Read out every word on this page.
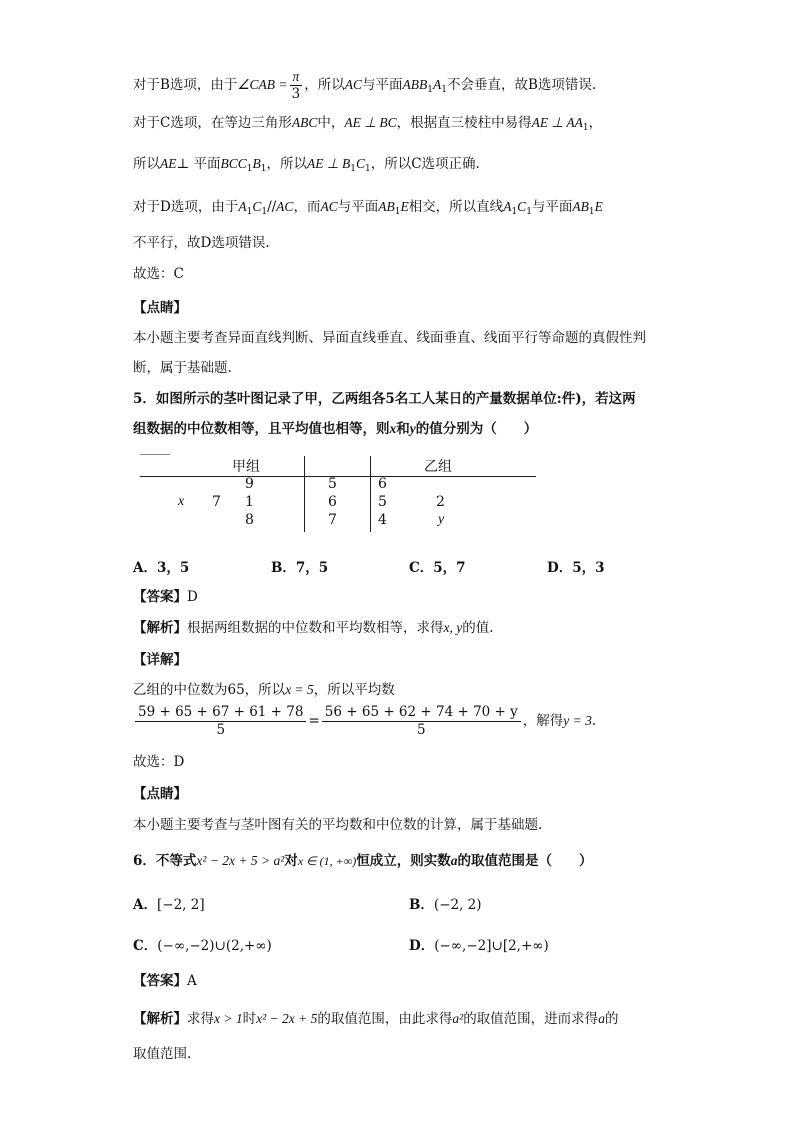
对于B选项，由于∠CAB = $\frac{\pi}{3}$ ，所以AC与平面$ABB_1A_1$不会垂直，故B选项错误.
对于C选项，在等边三角形ABC中，AE ⊥ BC，根据直三棱柱中易得AE ⊥ $AA_1$，
所以AE⊥ 平面$BCC_1B_1$，所以AE ⊥ $B_1C_1$，所以C选项正确.
对于D选项，由于$A_1C_1//AC$，而AC与平面$AB_1E$相交，所以直线$A_1C_1$与平面$AB_1E$
不平行，故D选项错误.
故选：C
【点睛】
本小题主要考查异面直线判断、异面直线垂直、线面垂直、线面平行等命题的真假性判
断，属于基础题.
5．如图所示的茎叶图记录了甲，乙两组各5名工人某日的产量数据单位:件)，若这两
组数据的中位数相等，且平均值也相等，则x和y的值分别为（　　）
甲组	乙组
9	5	6
x 7 1	6	5	2
8	7	4	y
A．3，5	B．7，5	C．5，7	D．5，3
【答案】D
【解析】根据两组数据的中位数和平均数相等，求得x, y的值.
【详解】
乙组的中位数为65，所以x = 5，所以平均数
$\frac{59 + 65 + 67 + 61 + 78}{5} = \frac{56 + 65 + 62 + 74 + 70 + y}{5}$ ，解得y = 3.
故选：D
【点睛】
本小题主要考查与茎叶图有关的平均数和中位数的计算，属于基础题.
6．不等式x² − 2x + 5 > a²对x ∈ (1, +∞)恒成立，则实数a的取值范围是（　　）
A．[−2, 2]	B．(−2, 2)
C．(−∞,−2)∪(2,+∞)	D．(−∞,−2]∪[2,+∞)
【答案】A
【解析】求得x > 1时x² − 2x + 5的取值范围，由此求得a²的取值范围，进而求得a的
取值范围.
